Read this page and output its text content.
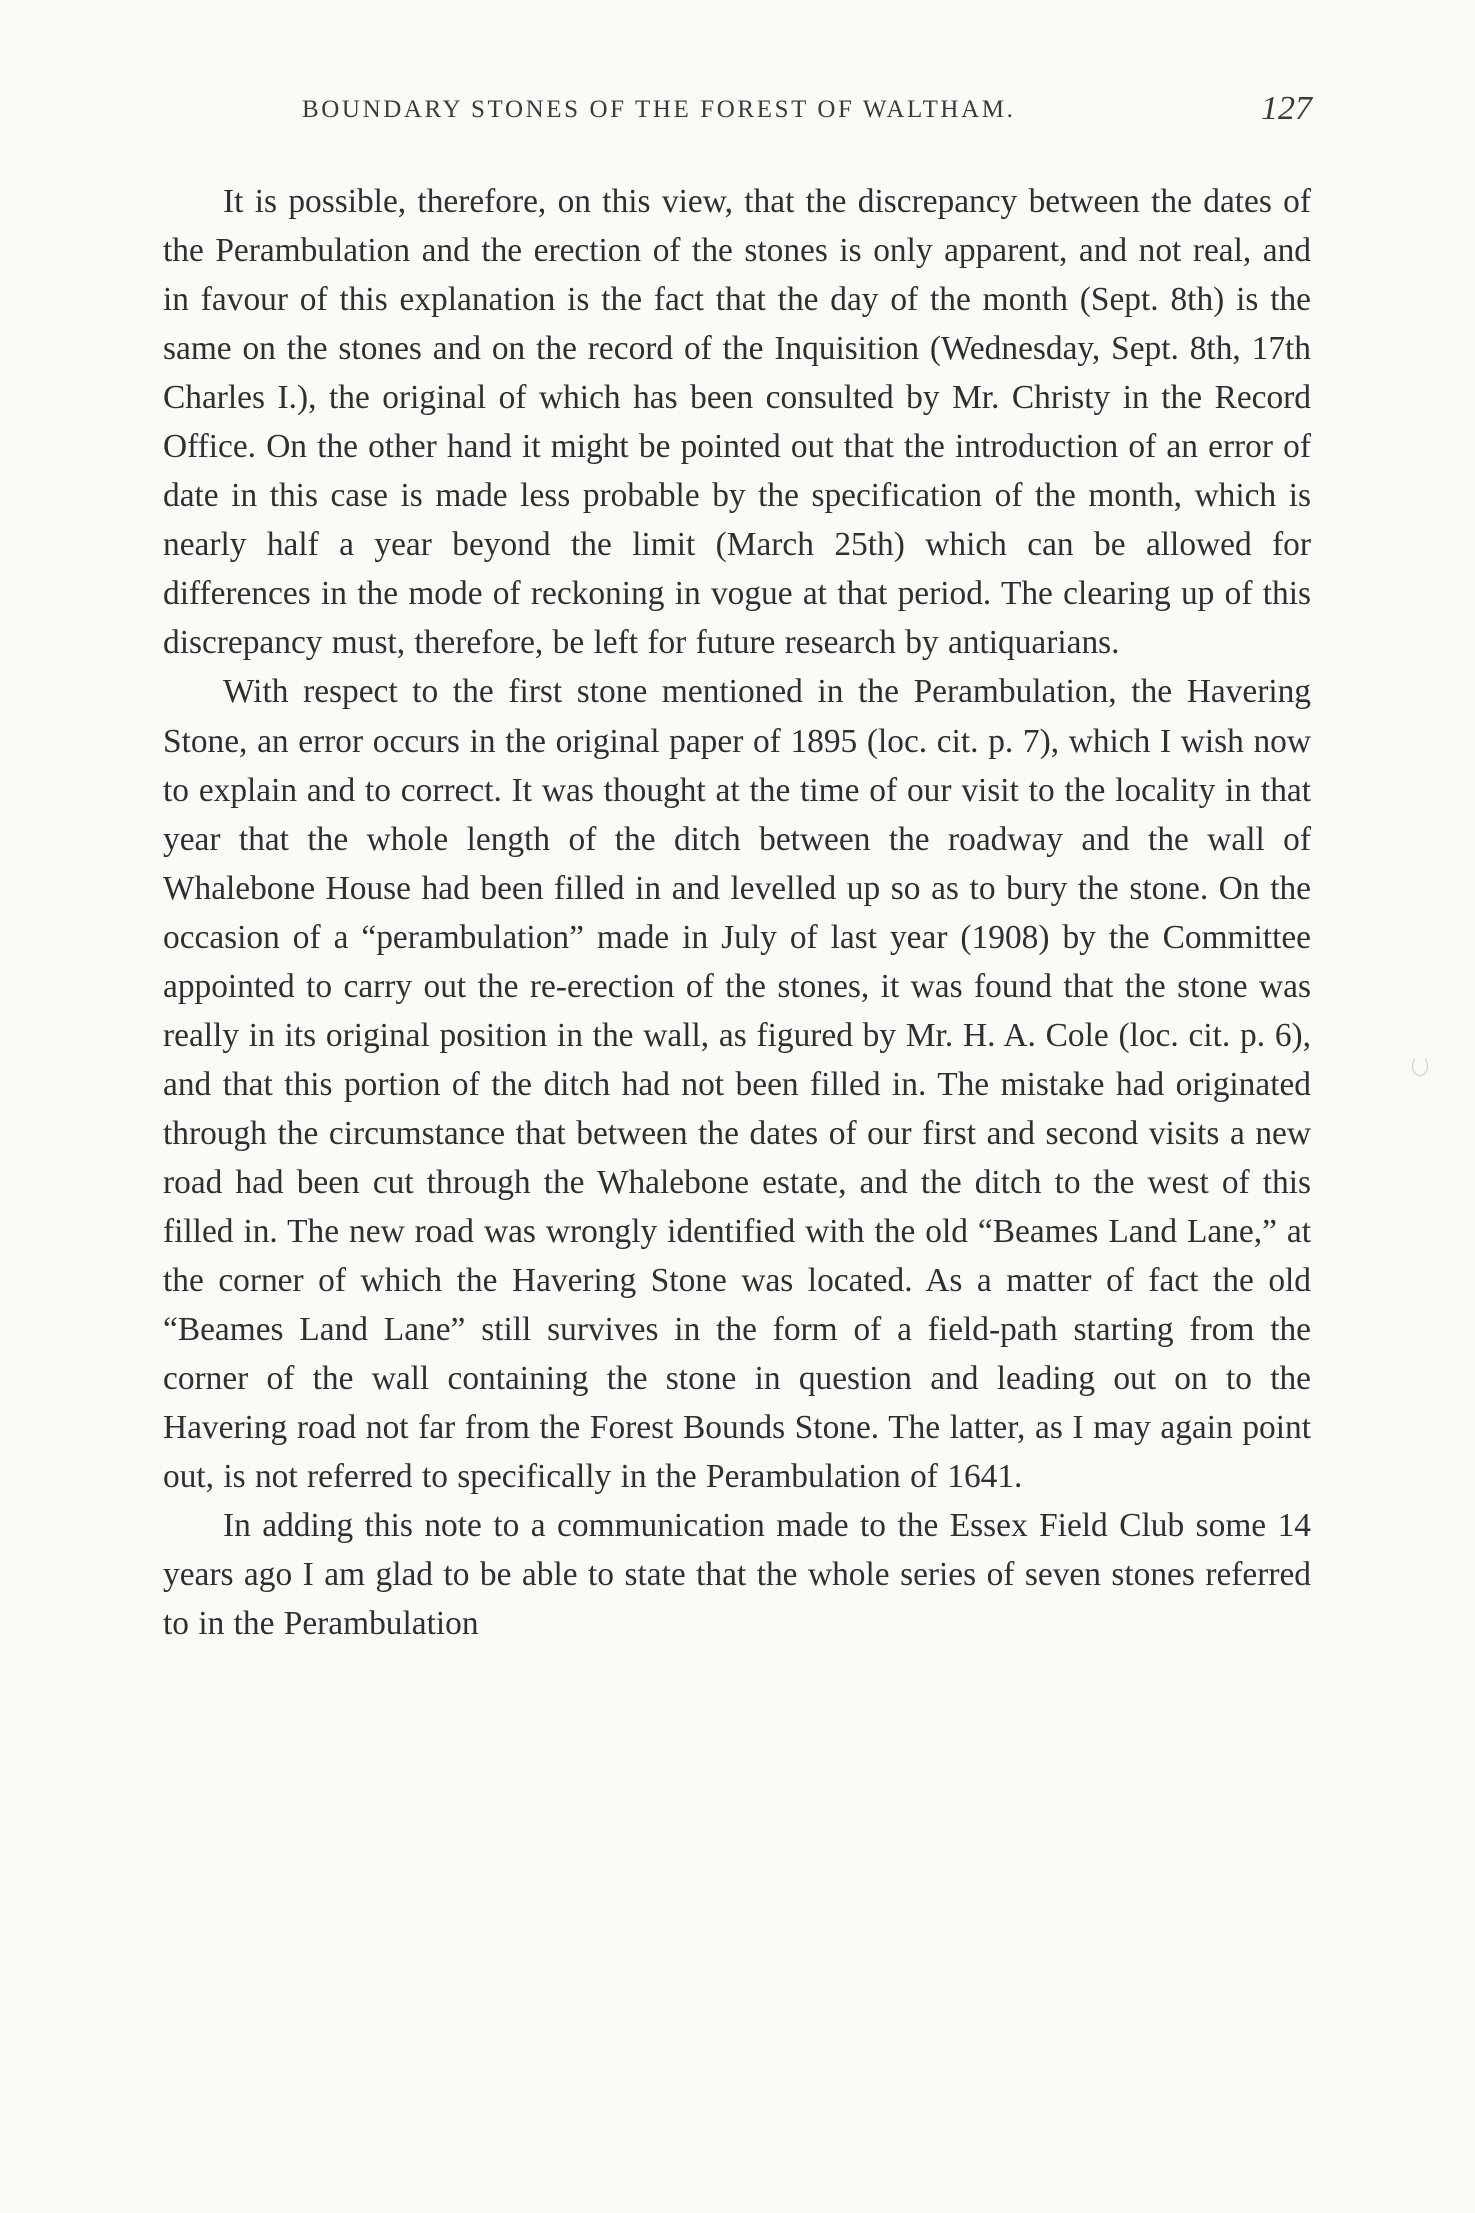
BOUNDARY STONES OF THE FOREST OF WALTHAM.	127

It is possible, therefore, on this view, that the discrepancy between the dates of the Perambulation and the erection of the stones is only apparent, and not real, and in favour of this explanation is the fact that the day of the month (Sept. 8th) is the same on the stones and on the record of the Inquisition (Wednesday, Sept. 8th, 17th Charles I.), the original of which has been consulted by Mr. Christy in the Record Office. On the other hand it might be pointed out that the introduction of an error of date in this case is made less probable by the specification of the month, which is nearly half a year beyond the limit (March 25th) which can be allowed for differences in the mode of reckoning in vogue at that period. The clearing up of this discrepancy must, therefore, be left for future research by antiquarians.

With respect to the first stone mentioned in the Perambulation, the Havering Stone, an error occurs in the original paper of 1895 (loc. cit. p. 7), which I wish now to explain and to correct. It was thought at the time of our visit to the locality in that year that the whole length of the ditch between the roadway and the wall of Whalebone House had been filled in and levelled up so as to bury the stone. On the occasion of a “perambulation” made in July of last year (1908) by the Committee appointed to carry out the re-erection of the stones, it was found that the stone was really in its original position in the wall, as figured by Mr. H. A. Cole (loc. cit. p. 6), and that this portion of the ditch had not been filled in. The mistake had originated through the circumstance that between the dates of our first and second visits a new road had been cut through the Whalebone estate, and the ditch to the west of this filled in. The new road was wrongly identified with the old “Beames Land Lane,” at the corner of which the Havering Stone was located. As a matter of fact the old “Beames Land Lane” still survives in the form of a field-path starting from the corner of the wall containing the stone in question and leading out on to the Havering road not far from the Forest Bounds Stone. The latter, as I may again point out, is not referred to specifically in the Perambulation of 1641.

In adding this note to a communication made to the Essex Field Club some 14 years ago I am glad to be able to state that the whole series of seven stones referred to in the Perambulation
